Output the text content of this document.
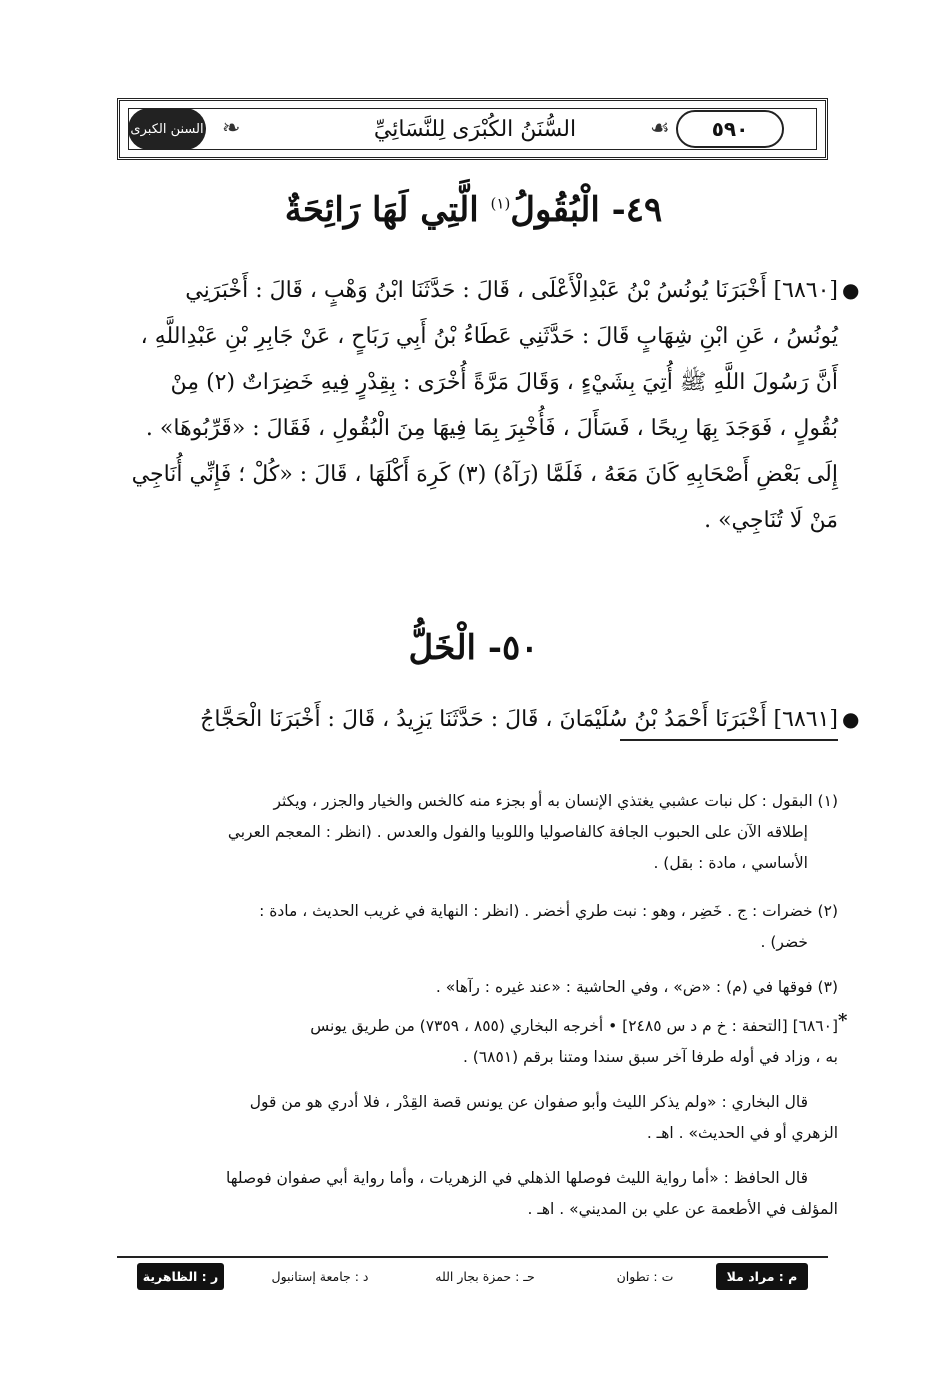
السنن الكبرى ❧	السُّنَنُ الكُبْرَى لِلنَّسَائِيِّ	☙ ٥٩٠
٤٩- الْبُقُولُ$^{(١)}$ الَّتِي لَهَا رَائِحَةٌ
●
[٦٨٦٠] أَخْبَرَنَا يُونُسُ بْنُ عَبْدِالْأَعْلَى ، قَالَ : حَدَّثَنَا ابْنُ وَهْبٍ ، قَالَ : أَخْبَرَنِي
يُونُسُ ، عَنِ ابْنِ شِهَابٍ قَالَ : حَدَّثَنِي عَطَاءُ بْنُ أَبِي رَبَاحٍ ، عَنْ جَابِرِ بْنِ عَبْدِاللَّهِ ،
أَنَّ رَسُولَ اللَّهِ ﷺ أُتِيَ بِشَيْءٍ ، وَقَالَ مَرَّةً أُخْرَى : بِقِدْرٍ فِيهِ خَضِرَاتٌ (٢) مِنْ
بُقُولٍ ، فَوَجَدَ بِهَا رِيحًا ، فَسَأَلَ ، فَأُخْبِرَ بِمَا فِيهَا مِنَ الْبُقُولِ ، فَقَالَ : «قَرِّبُوهَا» .
إِلَى بَعْضِ أَصْحَابِهِ كَانَ مَعَهُ ، فَلَمَّا (رَآهُ) (٣) كَرِهَ أَكْلَهَا ، قَالَ : «كُلْ ؛ فَإِنِّي أُنَاجِي
مَنْ لَا تُنَاجِي» .
٥٠- الْخَلُّ
●
[٦٨٦١] أَخْبَرَنَا أَحْمَدُ بْنُ سُلَيْمَانَ ، قَالَ : حَدَّثَنَا يَزِيدُ ، قَالَ : أَخْبَرَنَا الْحَجَّاجُ
(١) البقول : كل نبات عشبي يغتذي الإنسان به أو بجزء منه كالخس والخيار والجزر ، ويكثر
إطلاقه الآن على الحبوب الجافة كالفاصوليا واللوبيا والفول والعدس . (انظر : المعجم العربي
الأساسي ، مادة : بقل) .
(٢) خضرات : ج . خَضِر ، وهو : نبت طري أخضر . (انظر : النهاية في غريب الحديث ، مادة :
خضر) .
(٣) فوقها في (م) : «ض» ، وفي الحاشية : «عند غيره : رآها» .
*
[٦٨٦٠] [التحفة : خ م د س ٢٤٨٥] • أخرجه البخاري (٨٥٥ ، ٧٣٥٩) من طريق يونس
به ، وزاد في أوله طرفا آخر سبق سندا ومتنا برقم (٦٨٥١) .
قال البخاري : «ولم يذكر الليث وأبو صفوان عن يونس قصة القِدْر ، فلا أدري هو من قول
الزهري أو في الحديث» . اهـ .
قال الحافظ : «أما رواية الليث فوصلها الذهلي في الزهريات ، وأما رواية أبي صفوان فوصلها
المؤلف في الأطعمة عن علي بن المديني» . اهـ .
م : مراد ملا
ت : تطوان
حـ : حمزة بجار الله
د : جامعة إستانبول
ر : الظاهرية
